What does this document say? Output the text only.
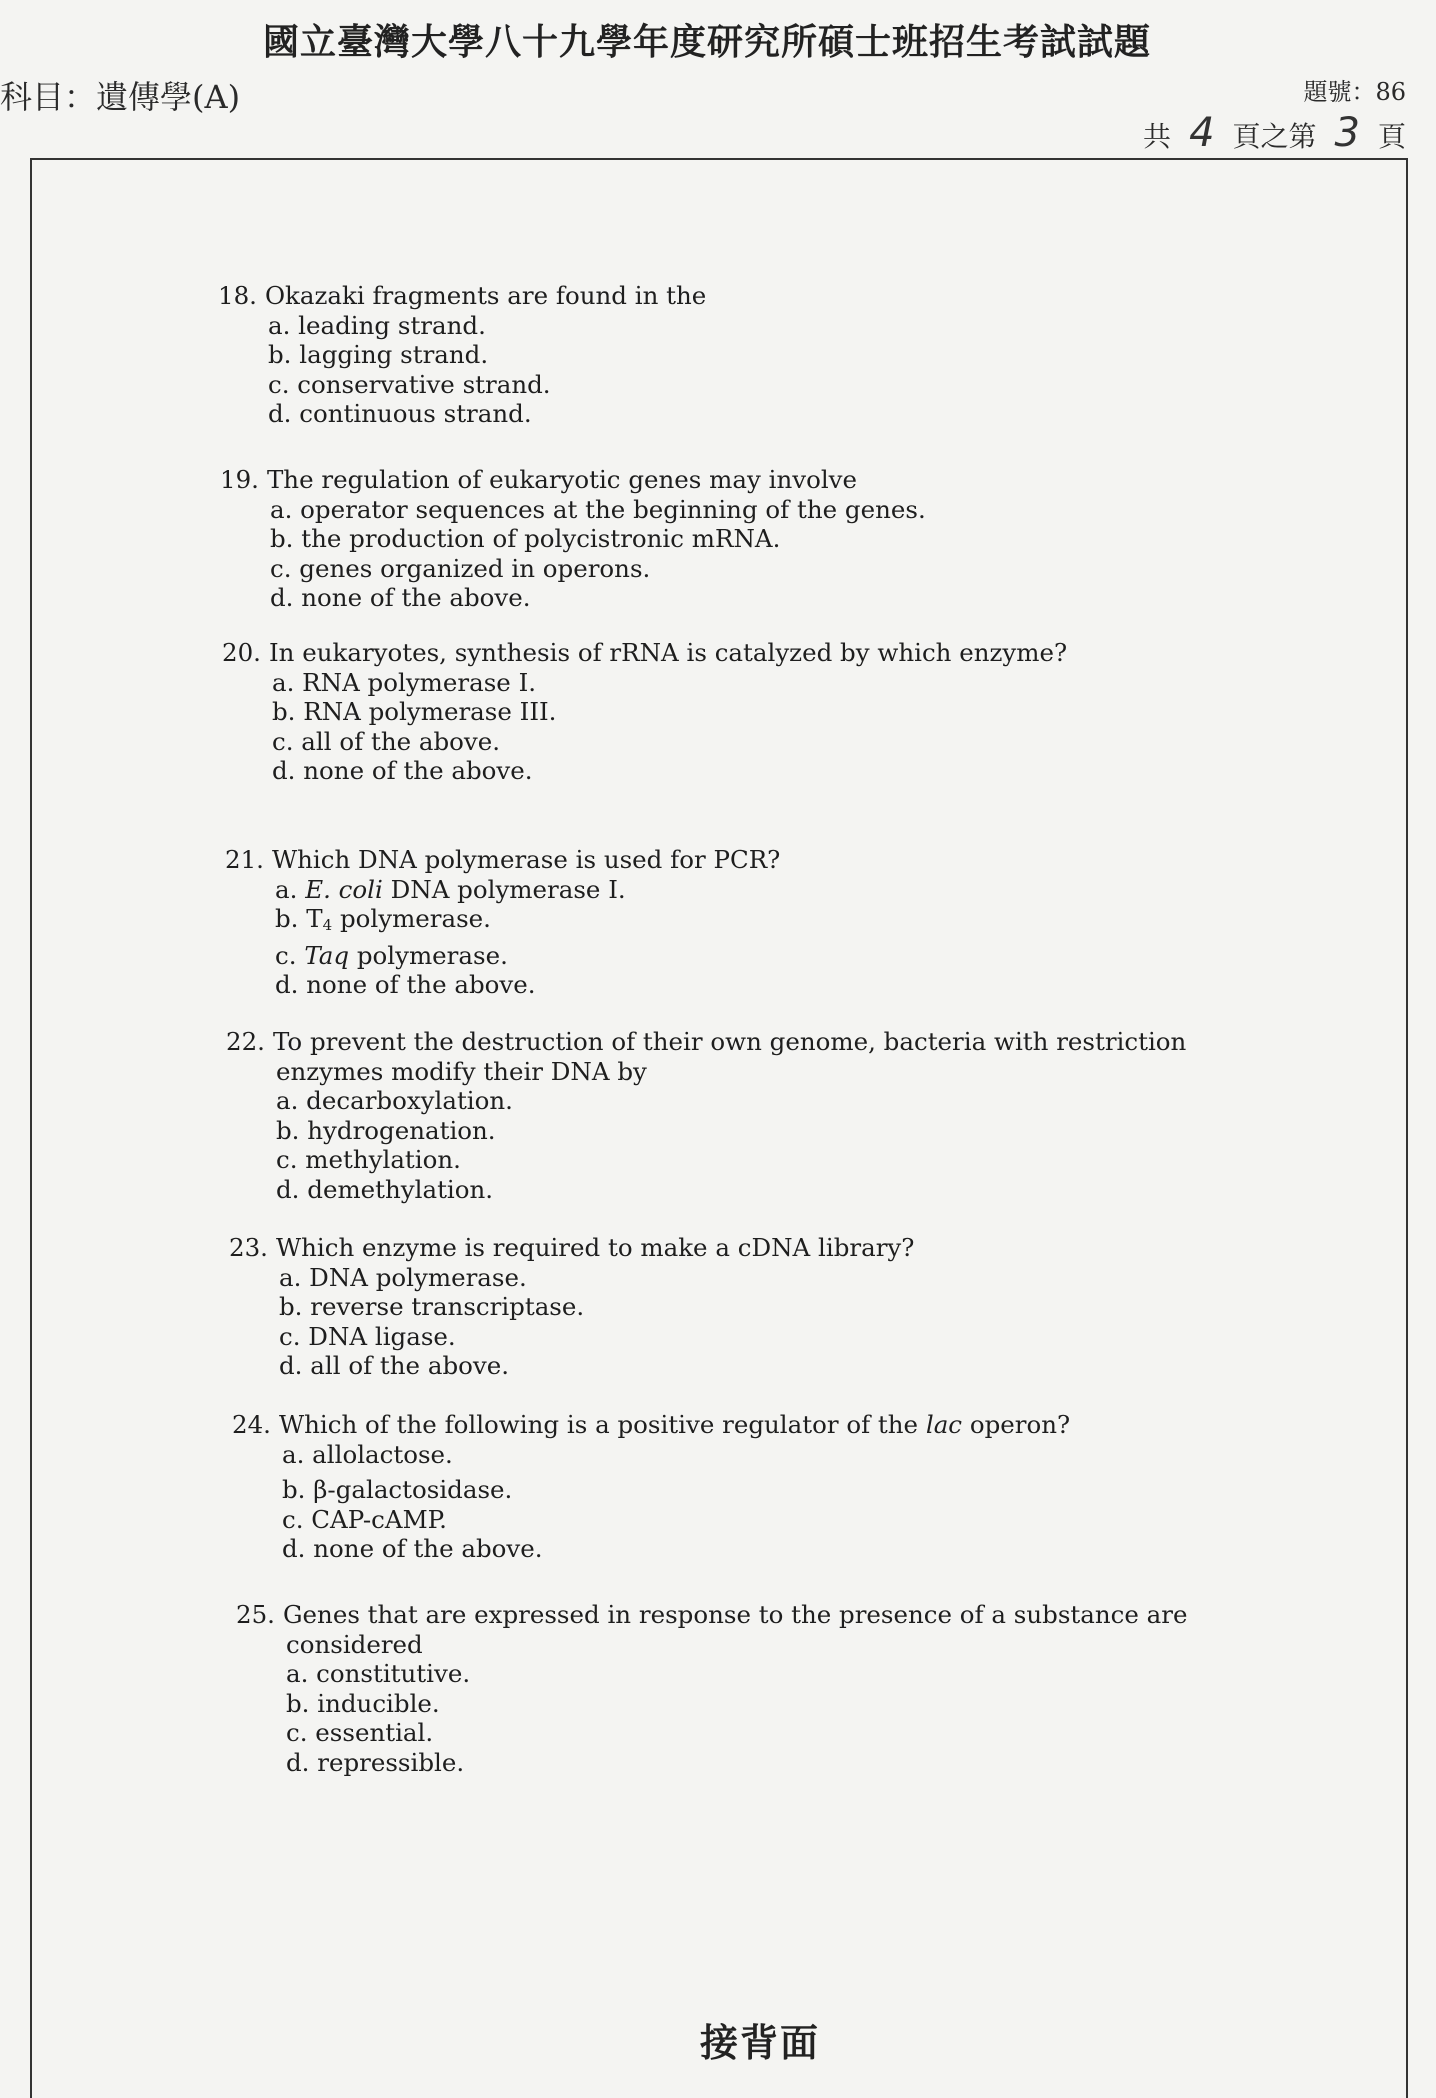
國立臺灣大學八十九學年度研究所碩士班招生考試試題
科目：遺傳學(A)	題號：86
共 4 頁之第 3 頁
18. Okazaki fragments are found in the
a. leading strand.
b. lagging strand.
c. conservative strand.
d. continuous strand.
19. The regulation of eukaryotic genes may involve
a. operator sequences at the beginning of the genes.
b. the production of polycistronic mRNA.
c. genes organized in operons.
d. none of the above.
20. In eukaryotes, synthesis of rRNA is catalyzed by which enzyme?
a. RNA polymerase I.
b. RNA polymerase III.
c. all of the above.
d. none of the above.
21. Which DNA polymerase is used for PCR?
a. E. coli DNA polymerase I.
b. $T_4$ polymerase.
c. Taq polymerase.
d. none of the above.
22. To prevent the destruction of their own genome, bacteria with restriction
enzymes modify their DNA by
a. decarboxylation.
b. hydrogenation.
c. methylation.
d. demethylation.
23. Which enzyme is required to make a cDNA library?
a. DNA polymerase.
b. reverse transcriptase.
c. DNA ligase.
d. all of the above.
24. Which of the following is a positive regulator of the lac operon?
a. allolactose.
b. β-galactosidase.
c. CAP-cAMP.
d. none of the above.
25. Genes that are expressed in response to the presence of a substance are
considered
a. constitutive.
b. inducible.
c. essential.
d. repressible.
接背面
